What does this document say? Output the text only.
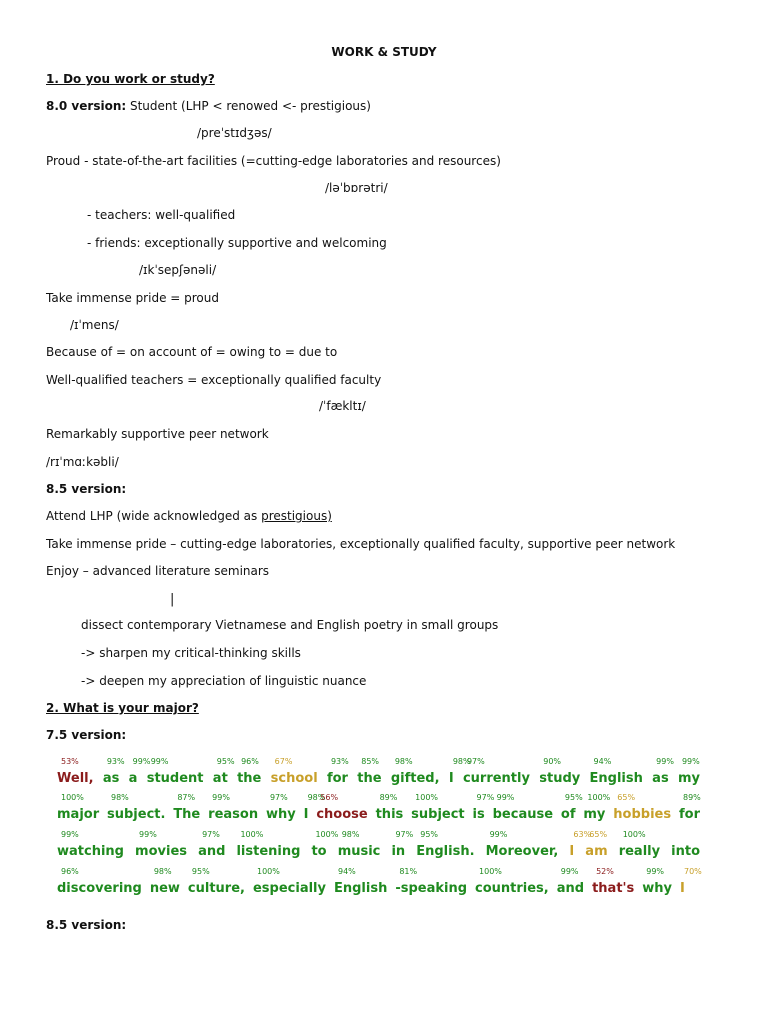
WORK & STUDY
1. Do you work or study?
8.0 version: Student (LHP < renowed <- prestigious)
/preˈstɪdʒəs/
Proud - state-of-the-art facilities (=cutting-edge laboratories and resources)
/ləˈbɒrətri/
- teachers: well-qualified
- friends: exceptionally supportive and welcoming
/ɪkˈsepʃənəli/
Take immense pride = proud
/ɪˈmens/
Because of = on account of = owing to = due to
Well-qualified teachers = exceptionally qualified faculty
/ˈfækltɪ/
Remarkably supportive peer network
/rɪˈmɑːkəbli/
8.5 version:
Attend LHP (wide acknowledged as prestigious)
Take immense pride – cutting-edge laboratories, exceptionally qualified faculty, supportive peer network
Enjoy – advanced literature seminars
|
dissect contemporary Vietnamese and English poetry in small groups
-> sharpen my critical-thinking skills
-> deepen my appreciation of linguistic nuance
2. What is your major?
7.5 version:
Well,
53%
as
93%
a
99%
student
99%
at
95%
the
96%
school
67%
for
93%
the
85%
gifted,
98%
I
98%
currently
97%
study
90%
English
94%
as
99%
my
99%
major
100%
subject.
98%
The
87%
reason
99%
why
97%
I
98%
choose
56%
this
89%
subject
100%
is
97%
because
99%
of
95%
my
100%
hobbies
65%
for
89%
watching
99%
movies
99%
and
97%
listening
100%
to
100%
music
98%
in
97%
English.
95%
Moreover,
99%
I
63%
am
65%
really
100%
into
discovering
96%
new
98%
culture,
95%
especially
100%
English
94%
-speaking
81%
countries,
100%
and
99%
that's
52%
why
99%
I
70%
8.5 version:
